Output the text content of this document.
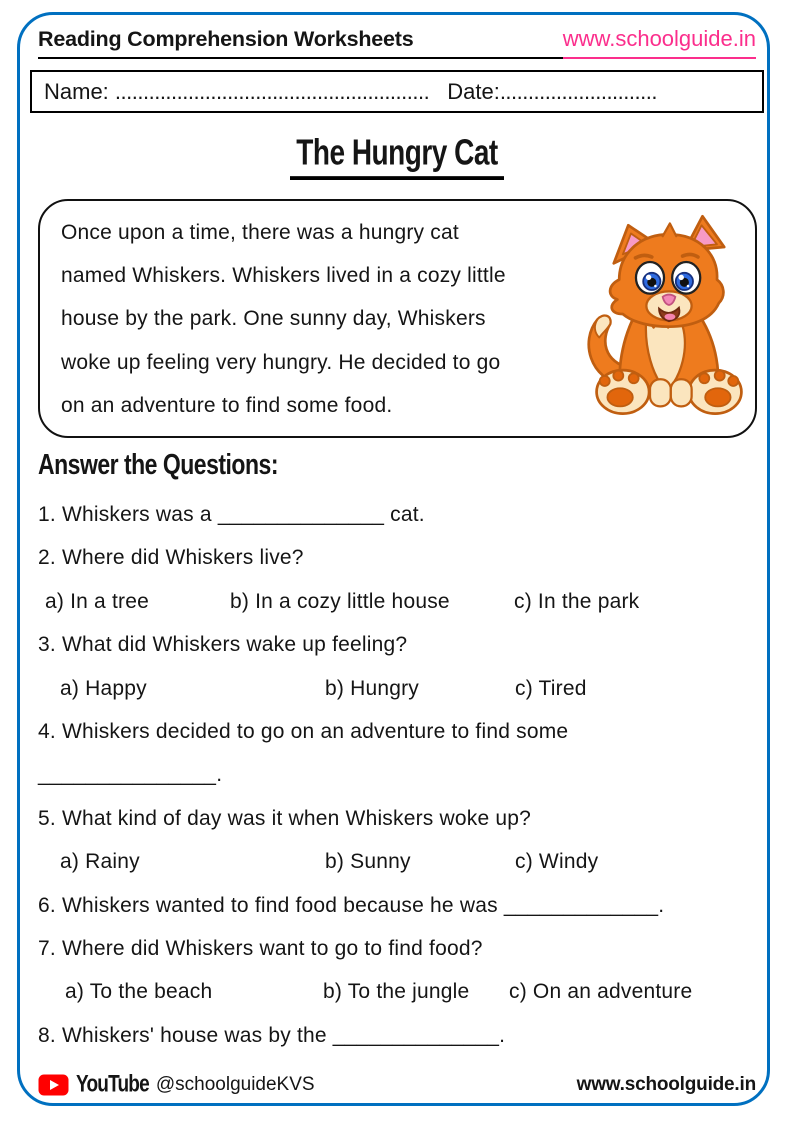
Reading Comprehension Worksheets	www.schoolguide.in
Name:
........................................................ Date: ............................
The Hungry Cat
Once upon a time, there was a hungry cat
named Whiskers. Whiskers lived in a cozy little
house by the park. One sunny day, Whiskers
woke up feeling very hungry. He decided to go
on an adventure to find some food.
Answer the Questions:
1. Whiskers was a ______________ cat.
2. Where did Whiskers live?
a) In a tree	b) In a cozy little house	c) In the park
3. What did Whiskers wake up feeling?
a) Happy	b) Hungry	c) Tired
4. Whiskers decided to go on an adventure to find some
_______________.
5. What kind of day was it when Whiskers woke up?
a) Rainy	b) Sunny	c) Windy
6. Whiskers wanted to find food because he was _____________.
7. Where did Whiskers want to go to find food?
a) To the beach	b) To the jungle	c) On an adventure
8. Whiskers' house was by the ______________.
YouTube @schoolguideKVS	www.schoolguide.in
